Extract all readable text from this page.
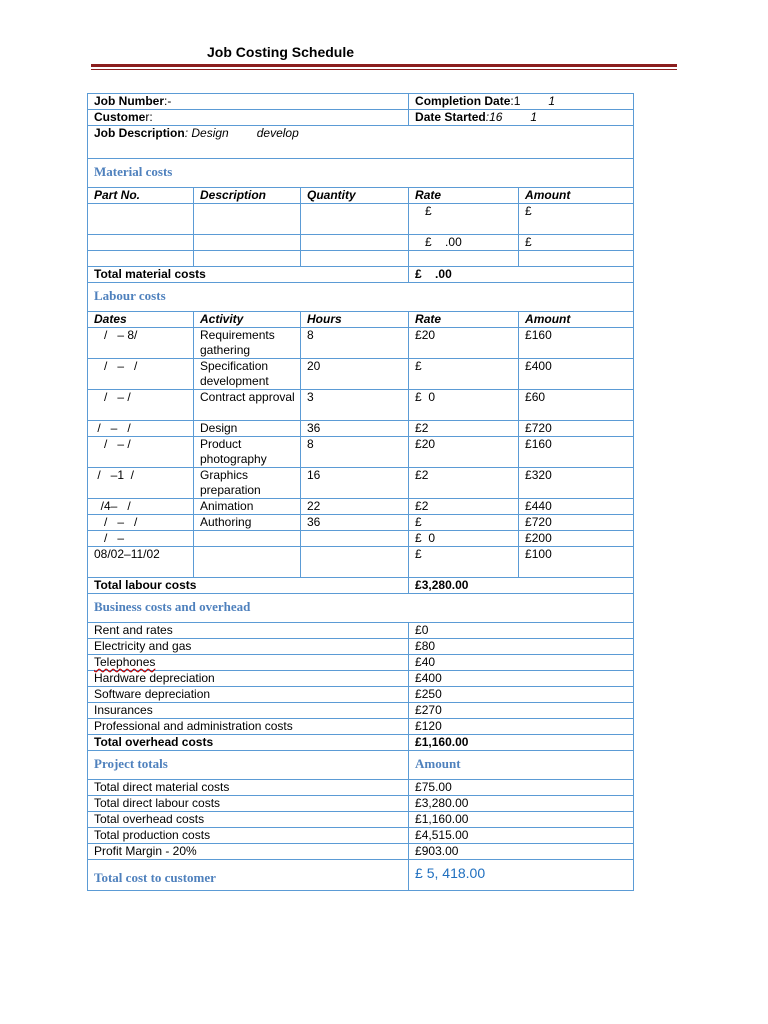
Job Costing Schedule
Job Number:-			Completion Date:1 1	
Customer:			Date Started:16 1	
Job Description: Design develop				
Material costs				
Part No.	Description	Quantity	Rate	Amount
			£	£
			£    .00	£

Total material costs			£    .00	
Labour costs				
Dates	Activity	Hours	Rate	Amount
/   – 8/	Requirements gathering	8	£20	£160
/   –   /	Specification development	20	£	£400
/   – /	Contract approval	3	£  0	£60
/   –   /	Design	36	£2	£720
/   – /	Product photography	8	£20	£160
/   –1  /	Graphics preparation	16	£2	£320
/4–   /	Animation	22	£2	£440
/   –   /	Authoring	36	£	£720
/   –			£  0	£200
08/02–11/02			£	£100
Total labour costs			£3,280.00	
Business costs and overhead				
Rent and rates			£0	
Electricity and gas			£80	
Telephones			£40	
Hardware depreciation			£400	
Software depreciation			£250	
Insurances			£270	
Professional and administration costs			£120	
Total overhead costs			£1,160.00	
Project totals			Amount	
Total direct material costs			£75.00	
Total direct labour costs			£3,280.00	
Total overhead costs			£1,160.00	
Total production costs			£4,515.00	
Profit Margin - 20%			£903.00	
Total cost to customer			£ 5, 418.00	
